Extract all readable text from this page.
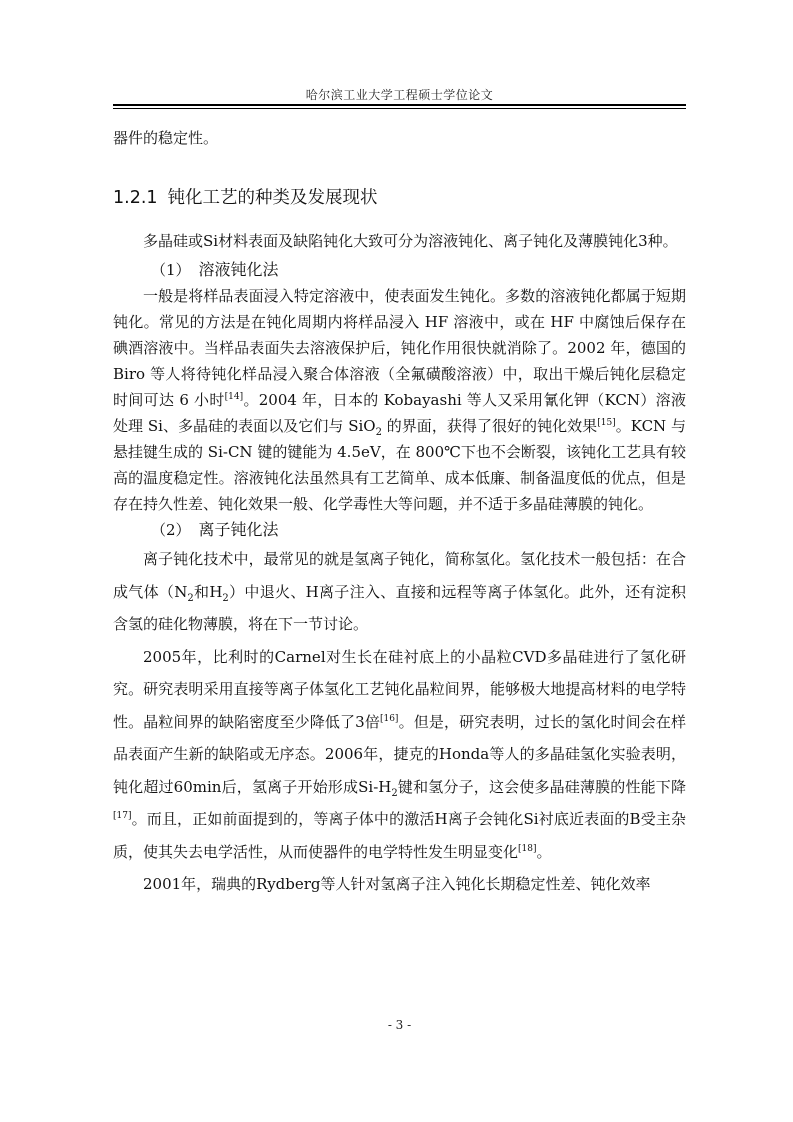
哈尔滨工业大学工程硕士学位论文

器件的稳定性。

1.2.1 钝化工艺的种类及发展现状

多晶硅或Si材料表面及缺陷钝化大致可分为溶液钝化、离子钝化及薄膜钝化3种。

（1） 溶液钝化法

一般是将样品表面浸入特定溶液中，使表面发生钝化。多数的溶液钝化都属于短期钝化。常见的方法是在钝化周期内将样品浸入 HF 溶液中，或在 HF 中腐蚀后保存在碘酒溶液中。当样品表面失去溶液保护后，钝化作用很快就消除了。2002 年，德国的 Biro 等人将待钝化样品浸入聚合体溶液（全氟磺酸溶液）中，取出干燥后钝化层稳定时间可达 6 小时[14]。2004 年，日本的 Kobayashi 等人又采用氰化钾（KCN）溶液处理 Si、多晶硅的表面以及它们与 SiO$_2$ 的界面，获得了很好的钝化效果[15]。KCN 与悬挂键生成的 Si-CN 键的键能为 4.5eV，在 800℃下也不会断裂，该钝化工艺具有较高的温度稳定性。溶液钝化法虽然具有工艺简单、成本低廉、制备温度低的优点，但是存在持久性差、钝化效果一般、化学毒性大等问题，并不适于多晶硅薄膜的钝化。

（2） 离子钝化法

离子钝化技术中，最常见的就是氢离子钝化，简称氢化。氢化技术一般包括：在合成气体（$N_2$和$H_2$）中退火、H离子注入、直接和远程等离子体氢化。此外，还有淀积含氢的硅化物薄膜，将在下一节讨论。

2005年，比利时的Carnel对生长在硅衬底上的小晶粒CVD多晶硅进行了氢化研究。研究表明采用直接等离子体氢化工艺钝化晶粒间界，能够极大地提高材料的电学特性。晶粒间界的缺陷密度至少降低了3倍[16]。但是，研究表明，过长的氢化时间会在样品表面产生新的缺陷或无序态。2006年，捷克的Honda等人的多晶硅氢化实验表明，钝化超过60min后，氢离子开始形成$Si-H_2$键和氢分子，这会使多晶硅薄膜的性能下降[17]。而且，正如前面提到的，等离子体中的激活H离子会钝化Si衬底近表面的B受主杂质，使其失去电学活性，从而使器件的电学特性发生明显变化[18]。

2001年，瑞典的Rydberg等人针对氢离子注入钝化长期稳定性差、钝化效率

- 3 -
